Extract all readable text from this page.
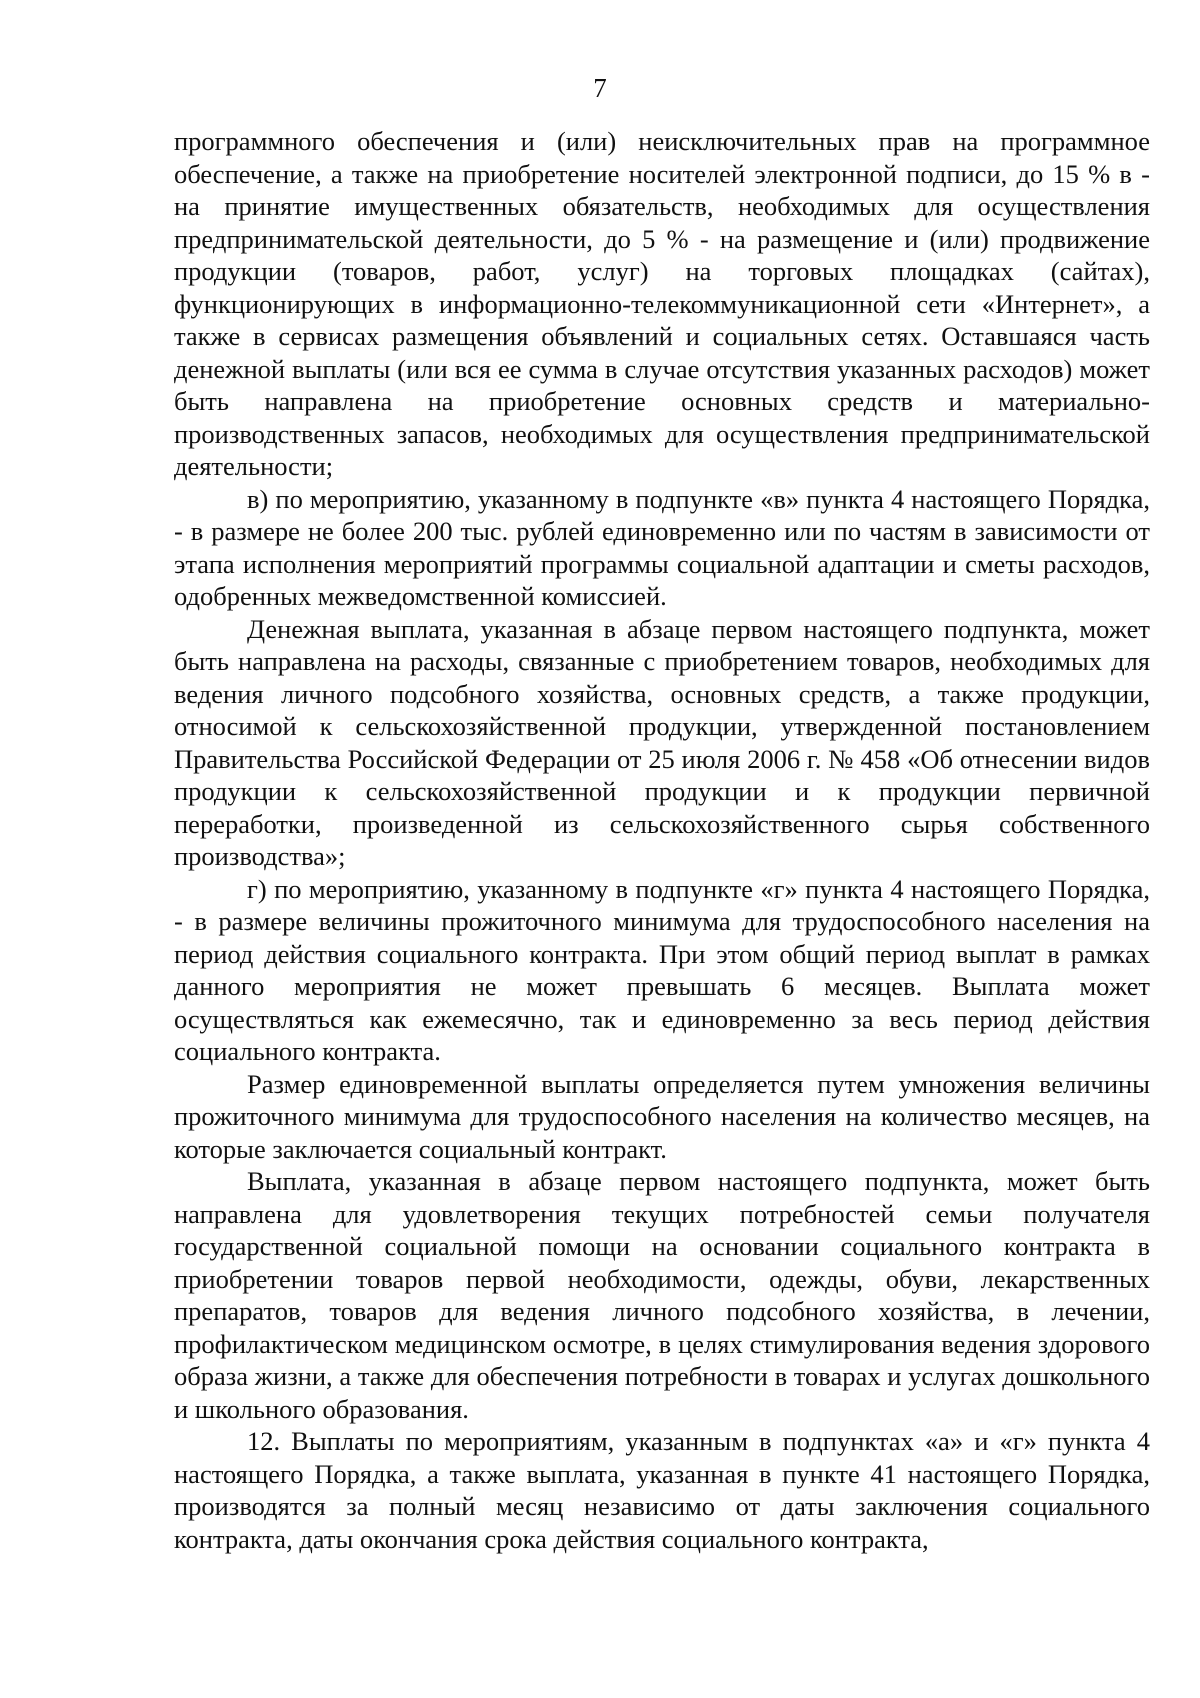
7

программного обеспечения и (или) неисключительных прав на программное обеспечение, а также на приобретение носителей электронной подписи, до 15 % в - на принятие имущественных обязательств, необходимых для осуществления предпринимательской деятельности, до 5 % - на размещение и (или) продвижение продукции (товаров, работ, услуг) на торговых площадках (сайтах), функционирующих в информационно-телекоммуникационной сети «Интернет», а также в сервисах размещения объявлений и социальных сетях. Оставшаяся часть денежной выплаты (или вся ее сумма в случае отсутствия указанных расходов) может быть направлена на приобретение основных средств и материально-производственных запасов, необходимых для осуществления предпринимательской деятельности;

в) по мероприятию, указанному в подпункте «в» пункта 4 настоящего Порядка, - в размере не более 200 тыс. рублей единовременно или по частям в зависимости от этапа исполнения мероприятий программы социальной адаптации и сметы расходов, одобренных межведомственной комиссией.

Денежная выплата, указанная в абзаце первом настоящего подпункта, может быть направлена на расходы, связанные с приобретением товаров, необходимых для ведения личного подсобного хозяйства, основных средств, а также продукции, относимой к сельскохозяйственной продукции, утвержденной постановлением Правительства Российской Федерации от 25 июля 2006 г. № 458 «Об отнесении видов продукции к сельскохозяйственной продукции и к продукции первичной переработки, произведенной из сельскохозяйственного сырья собственного производства»;

г) по мероприятию, указанному в подпункте «г» пункта 4 настоящего Порядка, - в размере величины прожиточного минимума для трудоспособного населения на период действия социального контракта. При этом общий период выплат в рамках данного мероприятия не может превышать 6 месяцев. Выплата может осуществляться как ежемесячно, так и единовременно за весь период действия социального контракта.

Размер единовременной выплаты определяется путем умножения величины прожиточного минимума для трудоспособного населения на количество месяцев, на которые заключается социальный контракт.

Выплата, указанная в абзаце первом настоящего подпункта, может быть направлена для удовлетворения текущих потребностей семьи получателя государственной социальной помощи на основании социального контракта в приобретении товаров первой необходимости, одежды, обуви, лекарственных препаратов, товаров для ведения личного подсобного хозяйства, в лечении, профилактическом медицинском осмотре, в целях стимулирования ведения здорового образа жизни, а также для обеспечения потребности в товарах и услугах дошкольного и школьного образования.

12. Выплаты по мероприятиям, указанным в подпунктах «а» и «г» пункта 4 настоящего Порядка, а также выплата, указанная в пункте 41 настоящего Порядка, производятся за полный месяц независимо от даты заключения социального контракта, даты окончания срока действия социального контракта,
